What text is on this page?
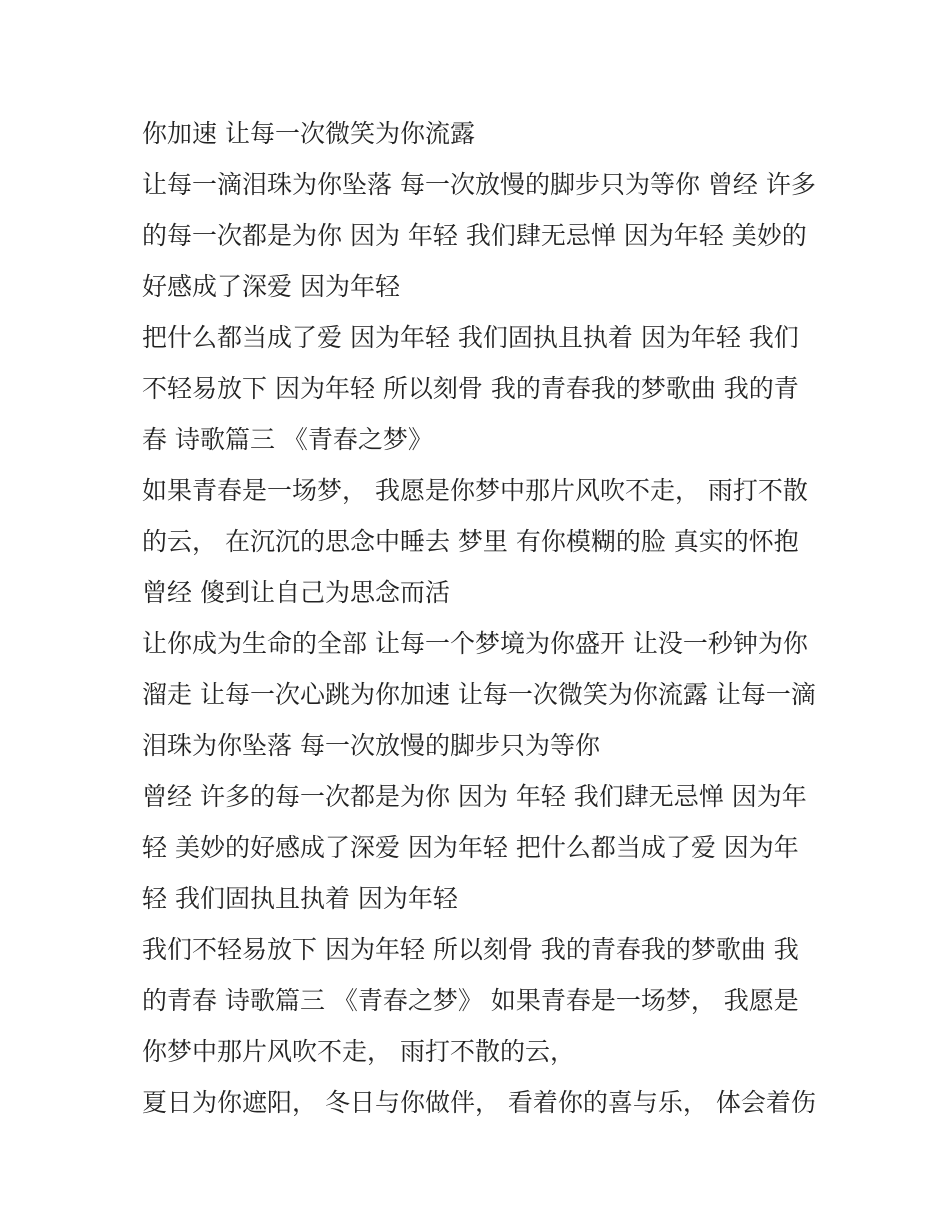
你加速 让每一次微笑为你流露
让每一滴泪珠为你坠落 每一次放慢的脚步只为等你 曾经 许多
的每一次都是为你 因为 年轻 我们肆无忌惮 因为年轻 美妙的
好感成了深爱 因为年轻
把什么都当成了爱 因为年轻 我们固执且执着 因为年轻 我们
不轻易放下 因为年轻 所以刻骨 我的青春我的梦歌曲 我的青
春 诗歌篇三 《青春之梦》
如果青春是一场梦， 我愿是你梦中那片风吹不走， 雨打不散
的云， 在沉沉的思念中睡去 梦里 有你模糊的脸 真实的怀抱
曾经 傻到让自己为思念而活
让你成为生命的全部 让每一个梦境为你盛开 让没一秒钟为你
溜走 让每一次心跳为你加速 让每一次微笑为你流露 让每一滴
泪珠为你坠落 每一次放慢的脚步只为等你
曾经 许多的每一次都是为你 因为 年轻 我们肆无忌惮 因为年
轻 美妙的好感成了深爱 因为年轻 把什么都当成了爱 因为年
轻 我们固执且执着 因为年轻
我们不轻易放下 因为年轻 所以刻骨 我的青春我的梦歌曲 我
的青春 诗歌篇三 《青春之梦》 如果青春是一场梦， 我愿是
你梦中那片风吹不走， 雨打不散的云，
夏日为你遮阳， 冬日与你做伴， 看着你的喜与乐， 体会着伤
